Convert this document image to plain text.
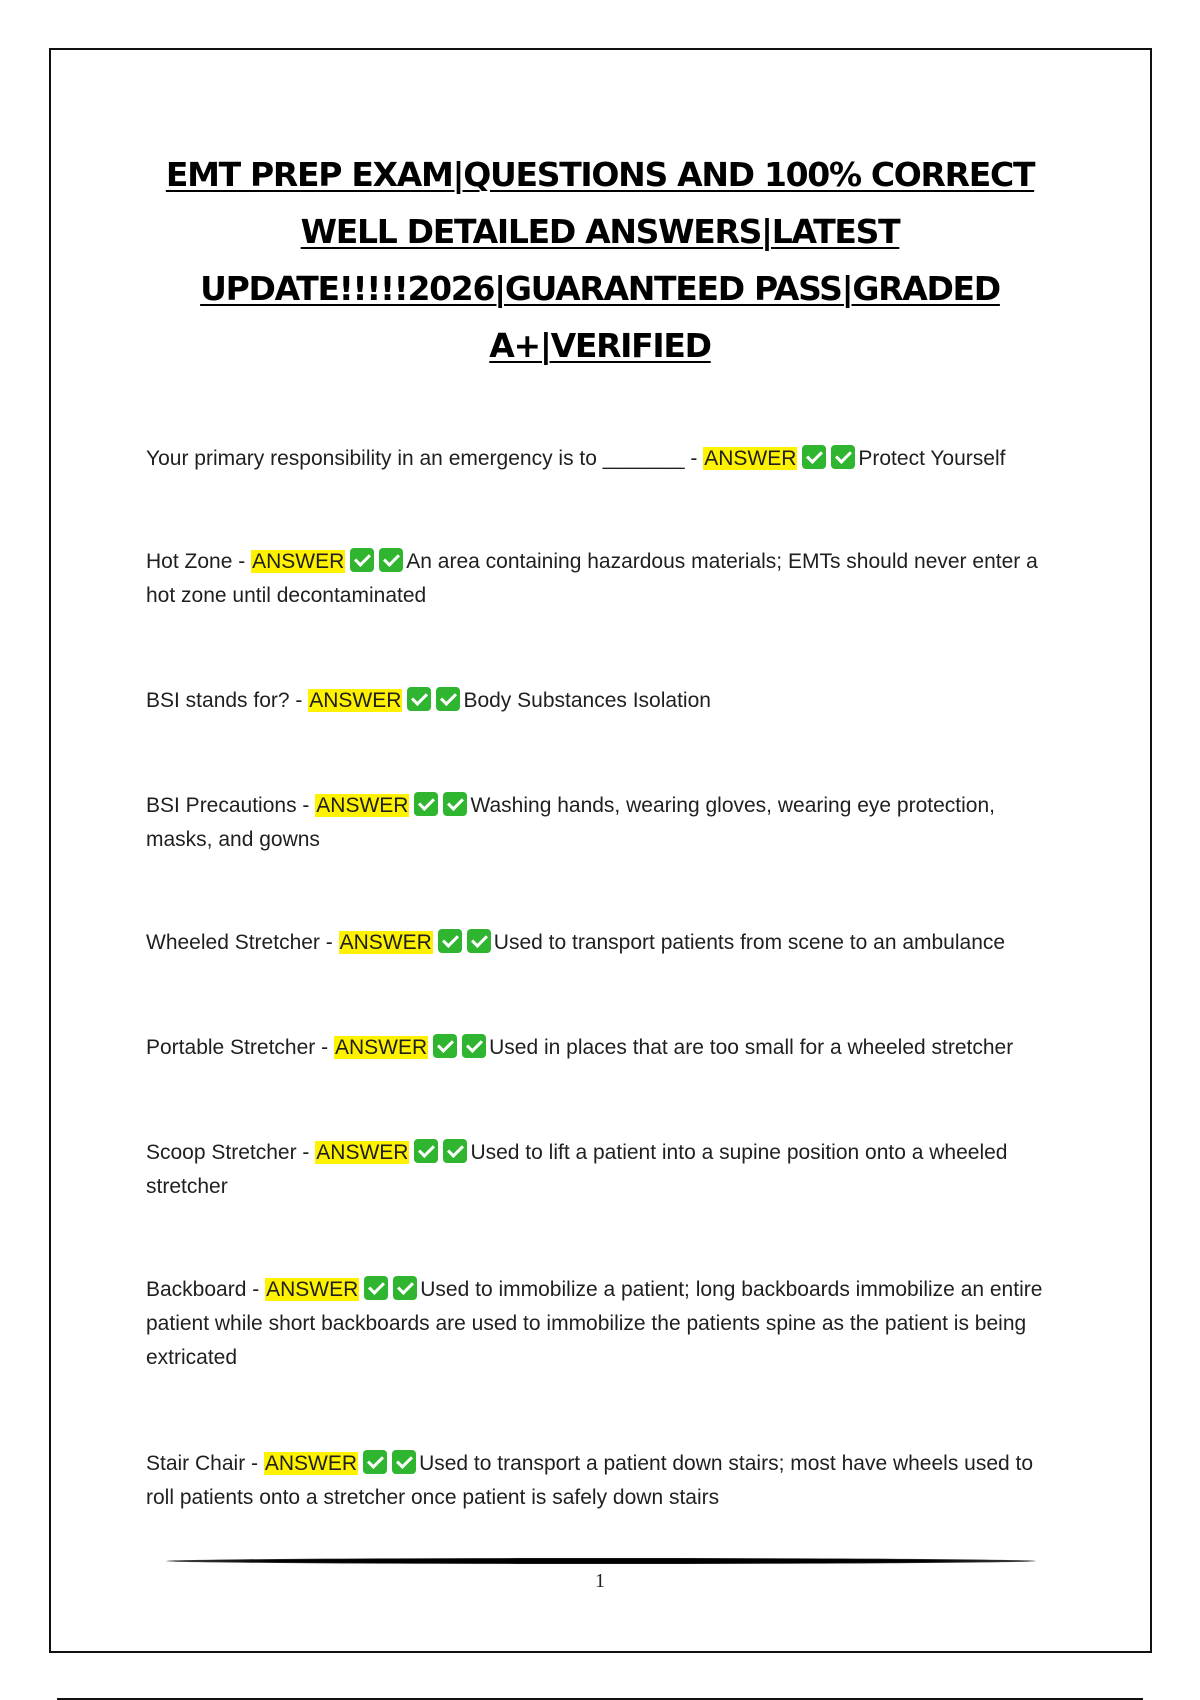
EMT PREP EXAM|QUESTIONS AND 100% CORRECT WELL DETAILED ANSWERS|LATEST UPDATE!!!!!2026|GUARANTEED PASS|GRADED A+|VERIFIED

Your primary responsibility in an emergency is to _______ - ANSWER	Protect Yourself

Hot Zone - ANSWER	An area containing hazardous materials; EMTs should never enter a hot zone until decontaminated

BSI stands for? - ANSWER	Body Substances Isolation

BSI Precautions - ANSWER	Washing hands, wearing gloves, wearing eye protection, masks, and gowns

Wheeled Stretcher - ANSWER	Used to transport patients from scene to an ambulance

Portable Stretcher - ANSWER	Used in places that are too small for a wheeled stretcher

Scoop Stretcher - ANSWER	Used to lift a patient into a supine position onto a wheeled stretcher

Backboard - ANSWER	Used to immobilize a patient; long backboards immobilize an entire patient while short backboards are used to immobilize the patients spine as the patient is being extricated

Stair Chair - ANSWER	Used to transport a patient down stairs; most have wheels used to roll patients onto a stretcher once patient is safely down stairs

1
